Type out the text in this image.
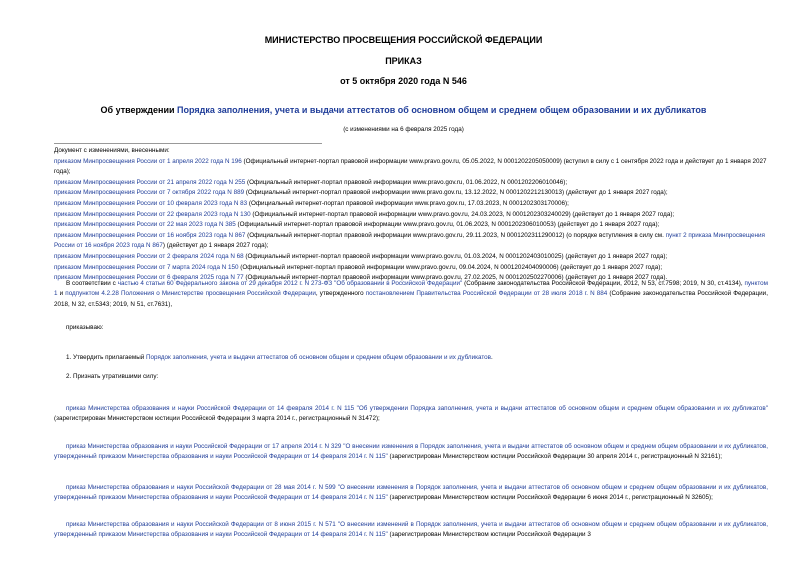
МИНИСТЕРСТВО ПРОСВЕЩЕНИЯ РОССИЙСКОЙ ФЕДЕРАЦИИ
ПРИКАЗ
от 5 октября 2020 года N 546
Об утверждении Порядка заполнения, учета и выдачи аттестатов об основном общем и среднем общем образовании и их дубликатов
(с изменениями на 6 февраля 2025 года)
Документ с изменениями, внесенными:
приказом Минпросвещения России от 1 апреля 2022 года N 196 (Официальный интернет-портал правовой информации www.pravo.gov.ru, 05.05.2022, N 0001202205050009) (вступил в силу с 1 сентября 2022 года и действует до 1 января 2027 года);
приказом Минпросвещения России от 21 апреля 2022 года N 255 (Официальный интернет-портал правовой информации www.pravo.gov.ru, 01.06.2022, N 0001202206010046);
приказом Минпросвещения России от 7 октября 2022 года N 889 (Официальный интернет-портал правовой информации www.pravo.gov.ru, 13.12.2022, N 0001202212130013) (действует до 1 января 2027 года);
приказом Минпросвещения России от 10 февраля 2023 года N 83 (Официальный интернет-портал правовой информации www.pravo.gov.ru, 17.03.2023, N 0001202303170006);
приказом Минпросвещения России от 22 февраля 2023 года N 130 (Официальный интернет-портал правовой информации www.pravo.gov.ru, 24.03.2023, N 0001202303240029) (действует до 1 января 2027 года);
приказом Минпросвещения России от 22 мая 2023 года N 385 (Официальный интернет-портал правовой информации www.pravo.gov.ru, 01.06.2023, N 0001202306010053) (действует до 1 января 2027 года);
приказом Минпросвещения России от 16 ноября 2023 года N 867 (Официальный интернет-портал правовой информации www.pravo.gov.ru, 29.11.2023, N 0001202311290012) (о порядке вступления в силу см. пункт 2 приказа Минпросвещения России от 16 ноября 2023 года N 867) (действует до 1 января 2027 года);
приказом Минпросвещения России от 2 февраля 2024 года N 68 (Официальный интернет-портал правовой информации www.pravo.gov.ru, 01.03.2024, N 0001202403010025) (действует до 1 января 2027 года);
приказом Минпросвещения России от 7 марта 2024 года N 150 (Официальный интернет-портал правовой информации www.pravo.gov.ru, 09.04.2024, N 0001202404090006) (действует до 1 января 2027 года);
приказом Минпросвещения России от 6 февраля 2025 года N 77 (Официальный интернет-портал правовой информации www.pravo.gov.ru, 27.02.2025, N 0001202502270006) (действует до 1 января 2027 года).
В соответствии с частью 4 статьи 60 Федерального закона от 29 декабря 2012 г. N 273-ФЗ "Об образовании в Российской Федерации" (Собрание законодательства Российской Федерации, 2012, N 53, ст.7598; 2019, N 30, ст.4134), пунктом 1 и подпунктом 4.2.28 Положения о Министерстве просвещения Российской Федерации, утвержденного постановлением Правительства Российской Федерации от 28 июля 2018 г. N 884 (Собрание законодательства Российской Федерации, 2018, N 32, ст.5343; 2019, N 51, ст.7631),
приказываю:
1. Утвердить прилагаемый Порядок заполнения, учета и выдачи аттестатов об основном общем и среднем общем образовании и их дубликатов.
2. Признать утратившими силу:
приказ Министерства образования и науки Российской Федерации от 14 февраля 2014 г. N 115 "Об утверждении Порядка заполнения, учета и выдачи аттестатов об основном общем и среднем общем образовании и их дубликатов" (зарегистрирован Министерством юстиции Российской Федерации 3 марта 2014 г., регистрационный N 31472);
приказ Министерства образования и науки Российской Федерации от 17 апреля 2014 г. N 329 "О внесении изменения в Порядок заполнения, учета и выдачи аттестатов об основном общем и среднем общем образовании и их дубликатов, утвержденный приказом Министерства образования и науки Российской Федерации от 14 февраля 2014 г. N 115" (зарегистрирован Министерством юстиции Российской Федерации 30 апреля 2014 г., регистрационный N 32161);
приказ Министерства образования и науки Российской Федерации от 28 мая 2014 г. N 599 "О внесении изменения в Порядок заполнения, учета и выдачи аттестатов об основном общем и среднем общем образовании и их дубликатов, утвержденный приказом Министерства образования и науки Российской Федерации от 14 февраля 2014 г. N 115" (зарегистрирован Министерством юстиции Российской Федерации 6 июня 2014 г., регистрационный N 32605);
приказ Министерства образования и науки Российской Федерации от 8 июня 2015 г. N 571 "О внесении изменений в Порядок заполнения, учета и выдачи аттестатов об основном общем и среднем общем образовании и их дубликатов, утвержденный приказом Министерства образования и науки Российской Федерации от 14 февраля 2014 г. N 115" (зарегистрирован Министерством юстиции Российской Федерации 3
